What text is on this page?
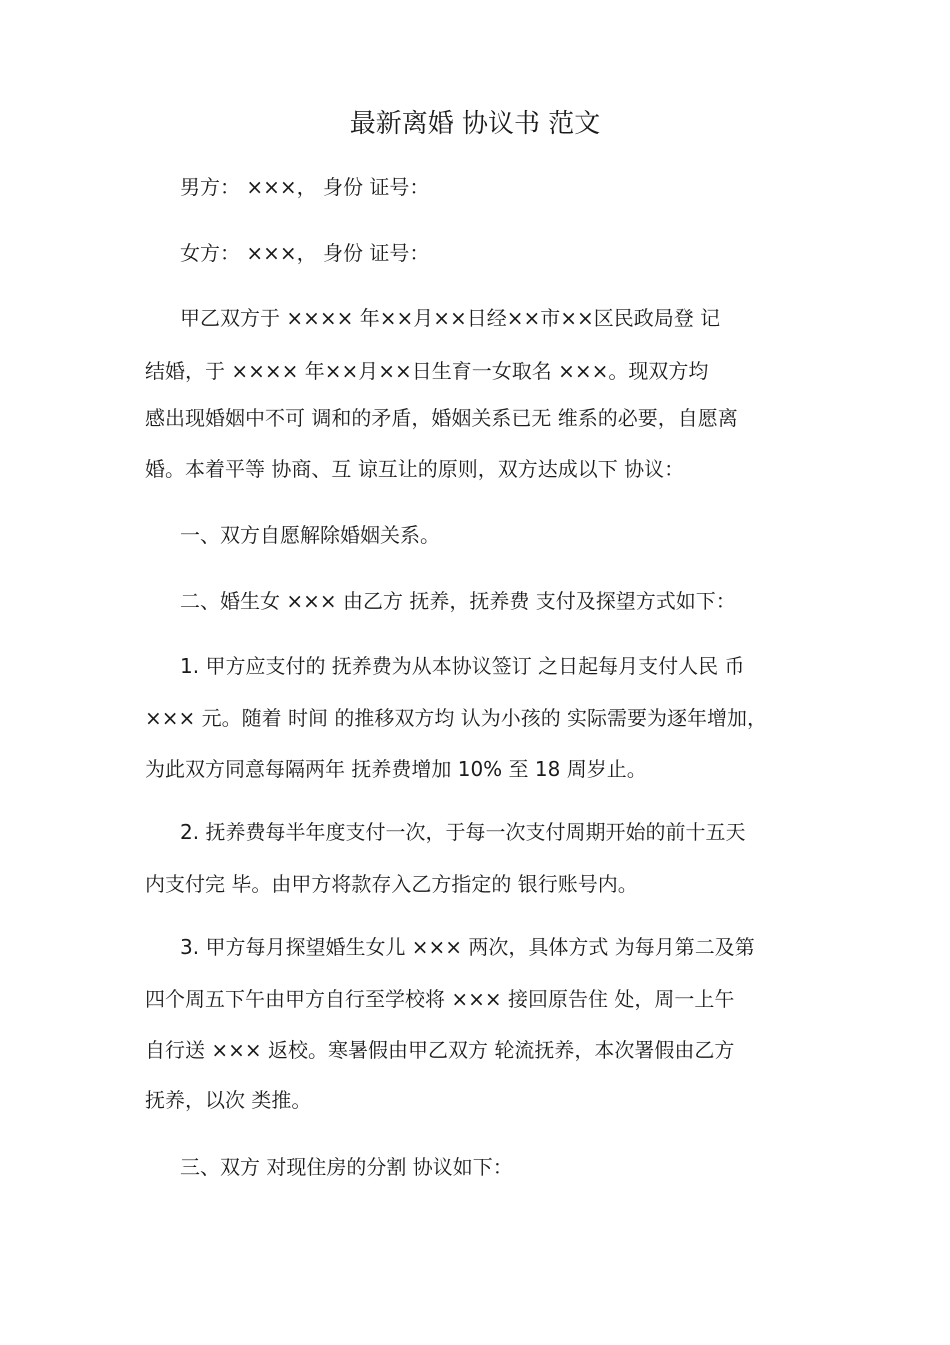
最新离婚 协议书 范文
男方： ×××， 身份 证号：
女方： ×××， 身份 证号：
甲乙双方于 ×××× 年××月××日经××市××区民政局登 记
结婚，于 ×××× 年××月××日生育一女取名 ×××。现双方均
感出现婚姻中不可 调和的矛盾，婚姻关系已无 维系的必要，自愿离
婚。本着平等 协商、互 谅互让的原则，双方达成以下 协议：
一、双方自愿解除婚姻关系。
二、婚生女 ××× 由乙方 抚养，抚养费 支付及探望方式如下：
1. 甲方应支付的 抚养费为从本协议签订 之日起每月支付人民 币
××× 元。随着 时间 的推移双方均 认为小孩的 实际需要为逐年增加，
为此双方同意每隔两年 抚养费增加 10% 至 18 周岁止。
2. 抚养费每半年度支付一次，于每一次支付周期开始的前十五天
内支付完 毕。由甲方将款存入乙方指定的 银行账号内。
3. 甲方每月探望婚生女儿 ××× 两次，具体方式 为每月第二及第
四个周五下午由甲方自行至学校将 ××× 接回原告住 处，周一上午
自行送 ××× 返校。寒暑假由甲乙双方 轮流抚养，本次署假由乙方
抚养，以次 类推。
三、双方 对现住房的分割 协议如下：
